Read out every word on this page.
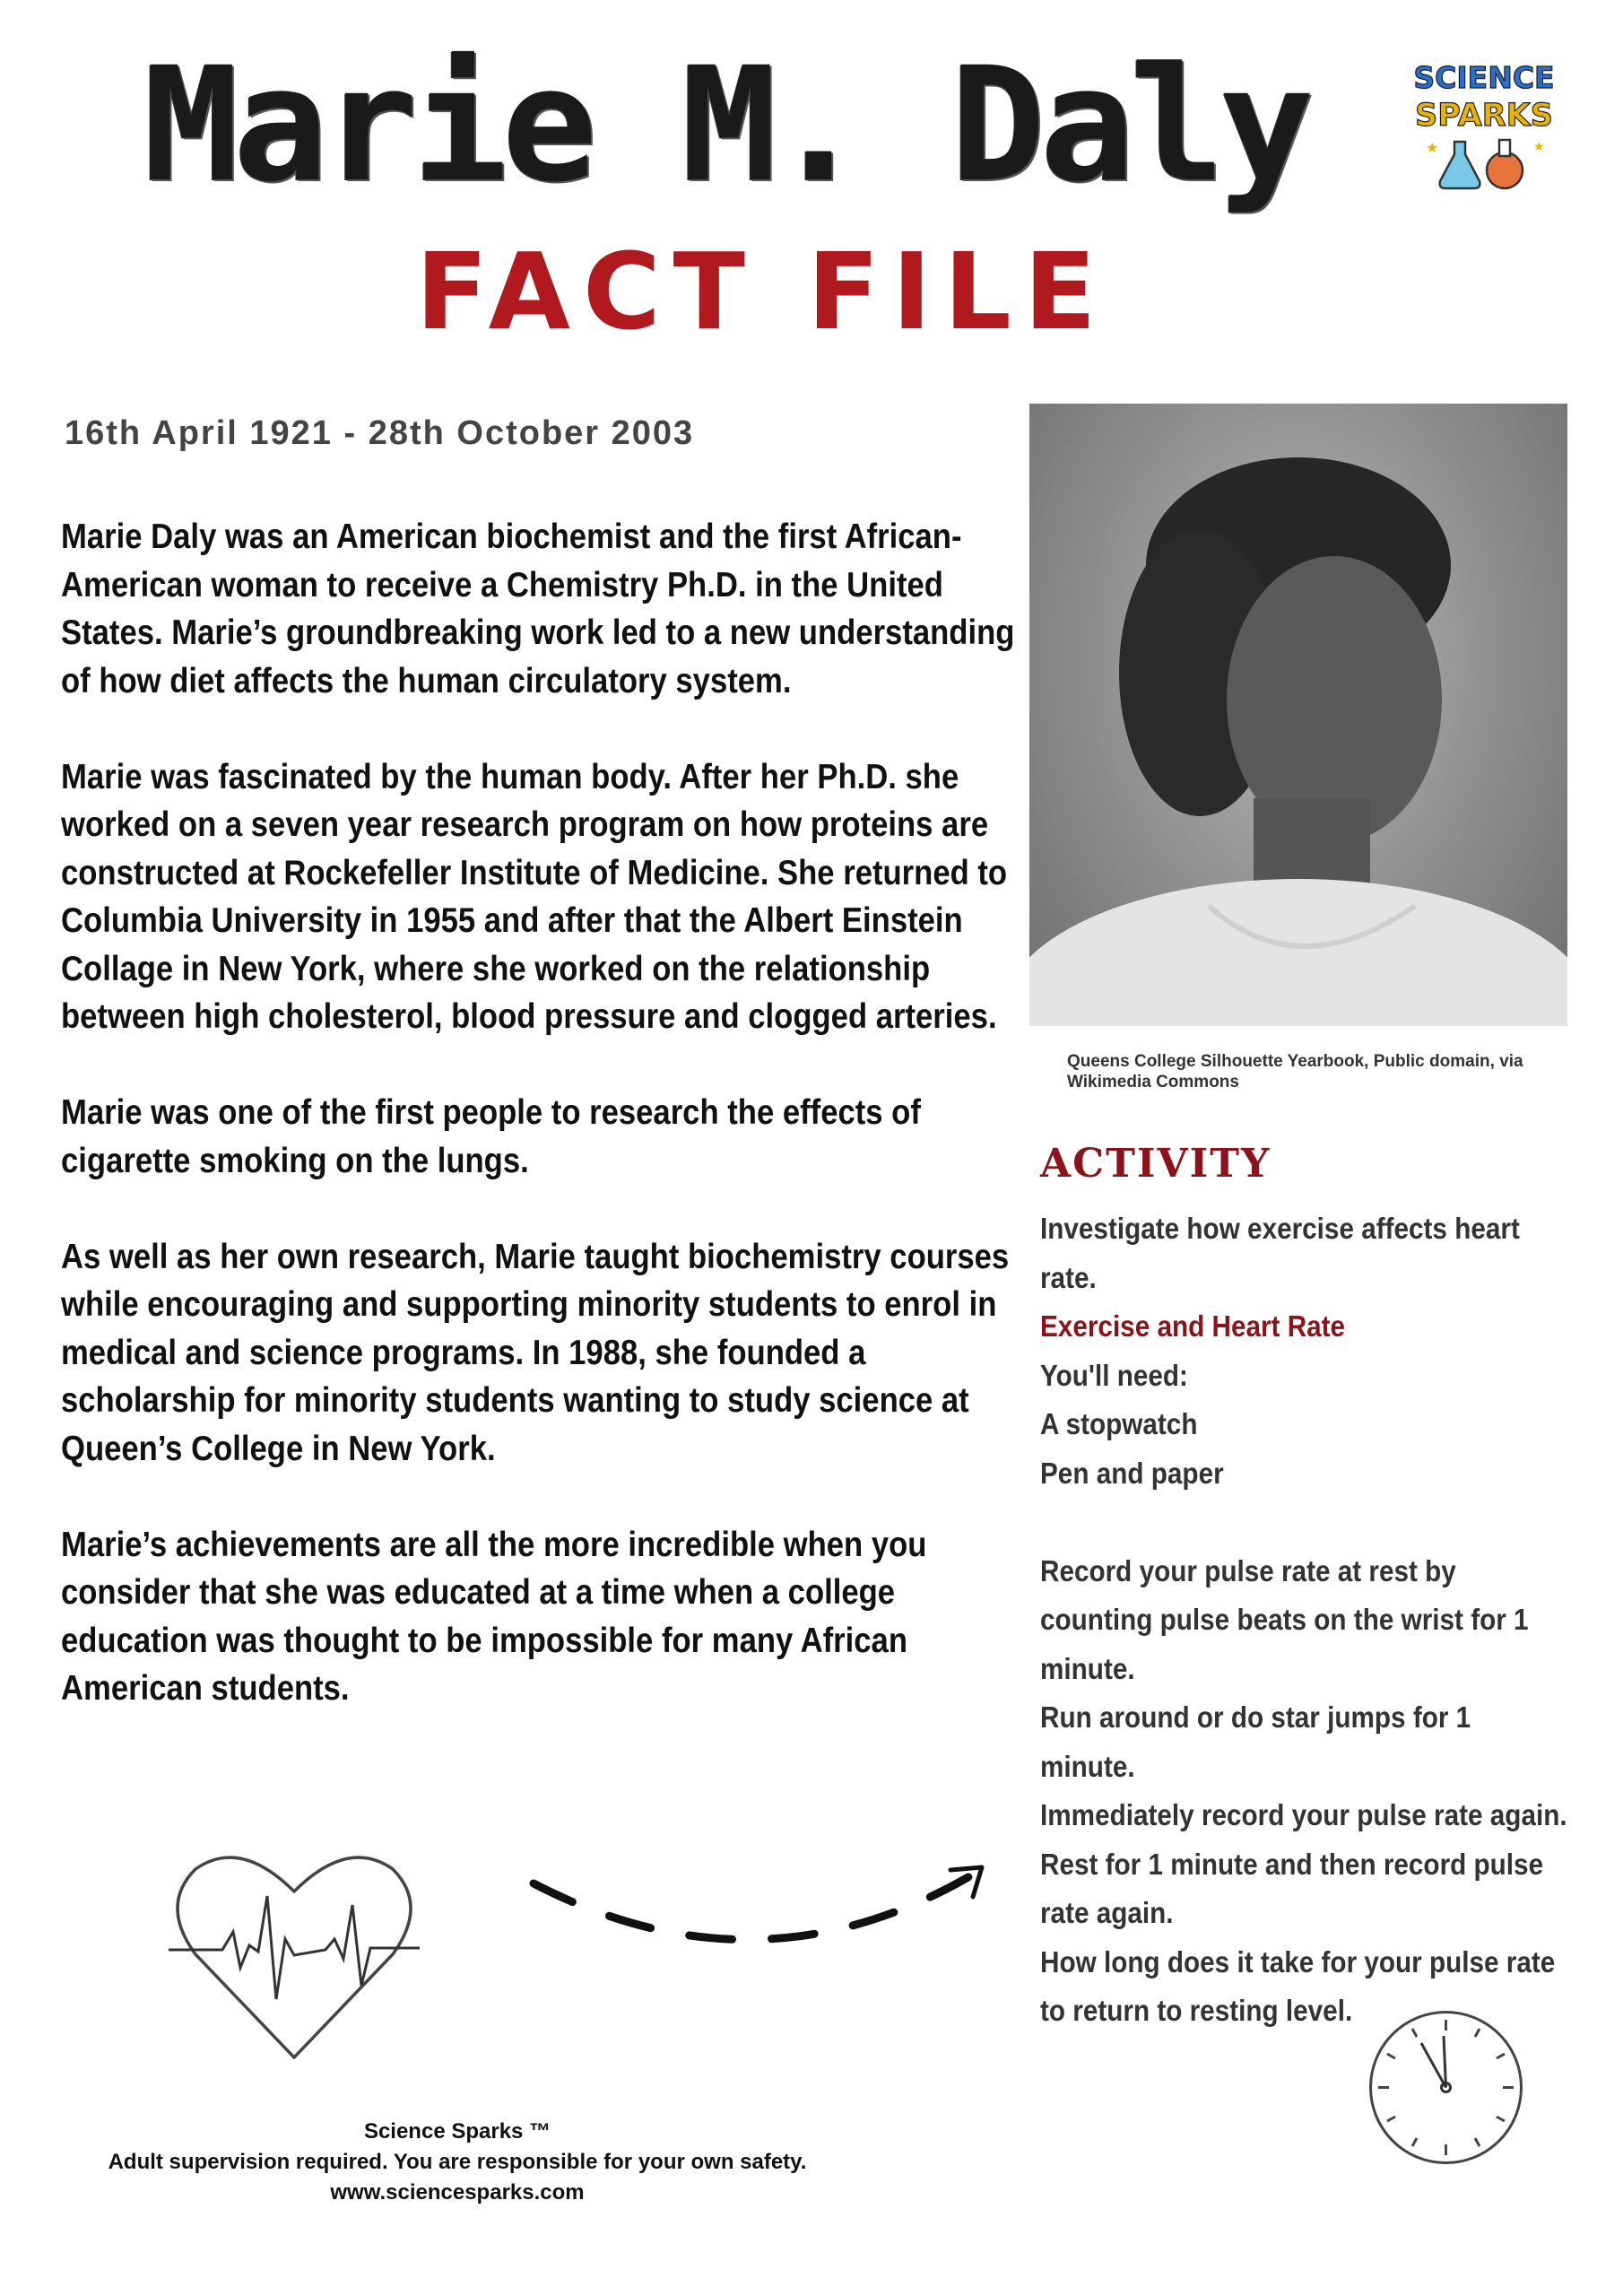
Marie M. Daly
FACT FILE
SCIENCE
SPARKS
★	★
16th April 1921 - 28th October 2003

Marie Daly was an American biochemist and the first African-American woman to receive a Chemistry Ph.D. in the United States. Marie’s groundbreaking work led to a new understanding of how diet affects the human circulatory system.

Marie was fascinated by the human body. After her Ph.D. she worked on a seven year research program on how proteins are constructed at Rockefeller Institute of Medicine. She returned to Columbia University in 1955 and after that the Albert Einstein Collage in New York, where she worked on the relationship between high cholesterol, blood pressure and clogged arteries.

Marie was one of the first people to research the effects of cigarette smoking on the lungs.

As well as her own research, Marie taught biochemistry courses while encouraging and supporting minority students to enrol in medical and science programs. In 1988, she founded a scholarship for minority students wanting to study science at Queen’s College in New York.

Marie’s achievements are all the more incredible when you consider that she was educated at a time when a college education was thought to be impossible for many African American students.

Queens College Silhouette Yearbook, Public domain, via Wikimedia Commons
ACTIVITY
Investigate how exercise affects heart rate.
Exercise and Heart Rate
You'll need:
A stopwatch
Pen and paper
Record your pulse rate at rest by counting pulse beats on the wrist for 1 minute.
Run around or do star jumps for 1 minute.
Immediately record your pulse rate again.
Rest for 1 minute and then record pulse rate again.
How long does it take for your pulse rate to return to resting level.
Science Sparks ™
Adult supervision required. You are responsible for your own safety.
www.sciencesparks.com
